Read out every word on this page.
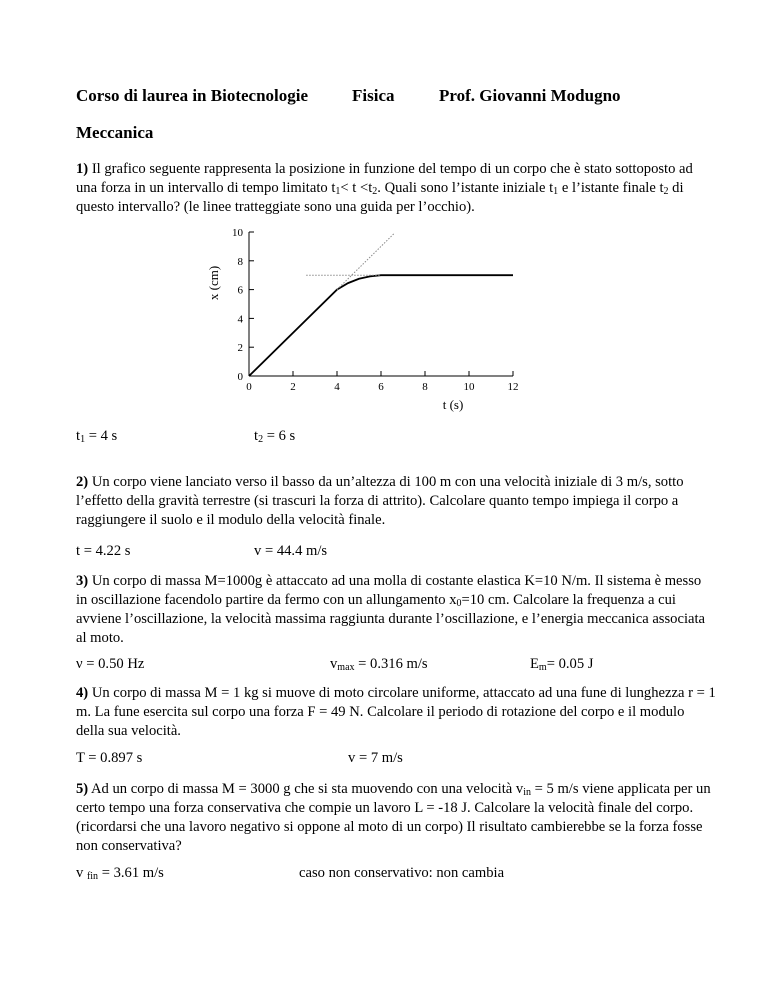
Corso di laurea in Biotecnologie	Fisica	Prof. Giovanni Modugno
Meccanica
1) Il grafico seguente rappresenta la posizione in funzione del tempo di un corpo che è stato sottoposto ad una forza in un intervallo di tempo limitato $t_1< t <t_2$. Quali sono l’istante iniziale $t_1$ e l’istante finale $t_2$ di questo intervallo? (le linee tratteggiate sono una guida per l’occhio).
0	2	4	6	8	10	12
0
2
4
6
8
10
t (s)
x (cm)
$t_1 = 4$ s	$t_2 = 6$ s
2) Un corpo viene lanciato verso il basso da un’altezza di 100 m con una velocità iniziale di 3 m/s, sotto l’effetto della gravità terrestre (si trascuri la forza di attrito). Calcolare quanto tempo impiega il corpo a raggiungere il suolo e il modulo della velocità finale.
t = 4.22 s	v = 44.4 m/s
3) Un corpo di massa M=1000g è attaccato ad una molla di costante elastica K=10 N/m. Il sistema è messo in oscillazione facendolo partire da fermo con un allungamento $x_0=10$ cm. Calcolare la frequenza a cui avviene l’oscillazione, la velocità massima raggiunta durante l’oscillazione, e l’energia meccanica associata al moto.
ν = 0.50 Hz	$v_{max} = 0.316$ m/s	$E_m= 0.05$ J
4) Un corpo di massa M = 1 kg si muove di moto circolare uniforme, attaccato ad una fune di lunghezza r = 1 m. La fune esercita sul corpo una forza F = 49 N. Calcolare il periodo di rotazione del corpo e il modulo della sua velocità.
T = 0.897 s	v = 7 m/s
5) Ad un corpo di massa M = 3000 g che si sta muovendo con una velocità $v_{in} = 5$ m/s viene applicata per un certo tempo una forza conservativa che compie un lavoro L = -18 J. Calcolare la velocità finale del corpo. (ricordarsi che una lavoro negativo si oppone al moto di un corpo) Il risultato cambierebbe se la forza fosse non conservativa?
v $_{fin}$ = 3.61 m/s	caso non conservativo: non cambia
